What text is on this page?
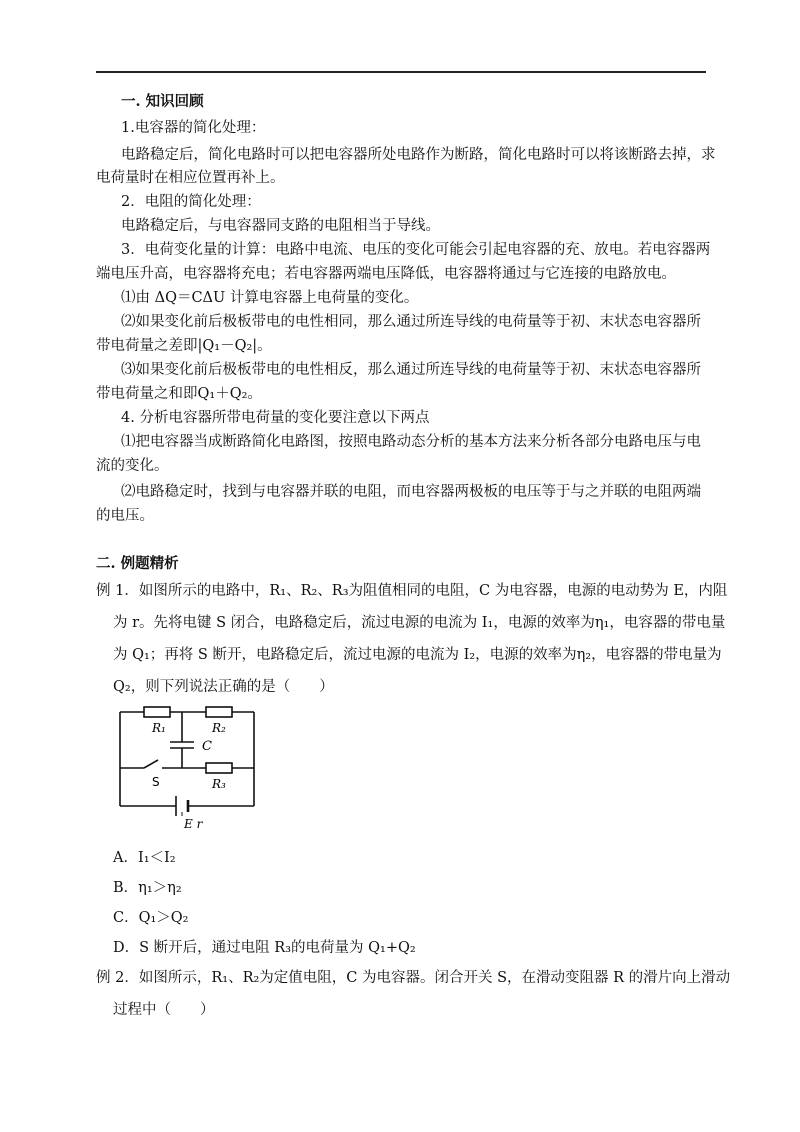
一. 知识回顾
1.电容器的简化处理：
电路稳定后，简化电路时可以把电容器所处电路作为断路，简化电路时可以将该断路去掉，求
电荷量时在相应位置再补上。
2．电阻的简化处理：
电路稳定后，与电容器同支路的电阻相当于导线。
3．电荷变化量的计算：电路中电流、电压的变化可能会引起电容器的充、放电。若电容器两
端电压升高，电容器将充电；若电容器两端电压降低，电容器将通过与它连接的电路放电。
⑴由 ΔQ＝CΔU 计算电容器上电荷量的变化。
⑵如果变化前后极板带电的电性相同，那么通过所连导线的电荷量等于初、末状态电容器所
带电荷量之差即|Q₁－Q₂|。
⑶如果变化前后极板带电的电性相反，那么通过所连导线的电荷量等于初、末状态电容器所
带电荷量之和即Q₁＋Q₂。
4. 分析电容器所带电荷量的变化要注意以下两点
⑴把电容器当成断路简化电路图，按照电路动态分析的基本方法来分析各部分电路电压与电
流的变化。
⑵电路稳定时，找到与电容器并联的电阻，而电容器两极板的电压等于与之并联的电阻两端
的电压。
二. 例题精析
例 1．如图所示的电路中，R₁、R₂、R₃为阻值相同的电阻，C 为电容器，电源的电动势为 E，内阻
为 r。先将电键 S 闭合，电路稳定后，流过电源的电流为 I₁，电源的效率为η₁，电容器的带电量
为 Q₁；再将 S 断开，电路稳定后，流过电源的电流为 I₂，电源的效率为η₂，电容器的带电量为
Q₂，则下列说法正确的是（　　）
R₁	R₂
C
S	R₃
E r
A．I₁＜I₂
B．η₁＞η₂
C．Q₁＞Q₂
D．S 断开后，通过电阻 R₃的电荷量为 Q₁+Q₂
例 2．如图所示，R₁、R₂为定值电阻，C 为电容器。闭合开关 S，在滑动变阻器 R 的滑片向上滑动
过程中（　　）
